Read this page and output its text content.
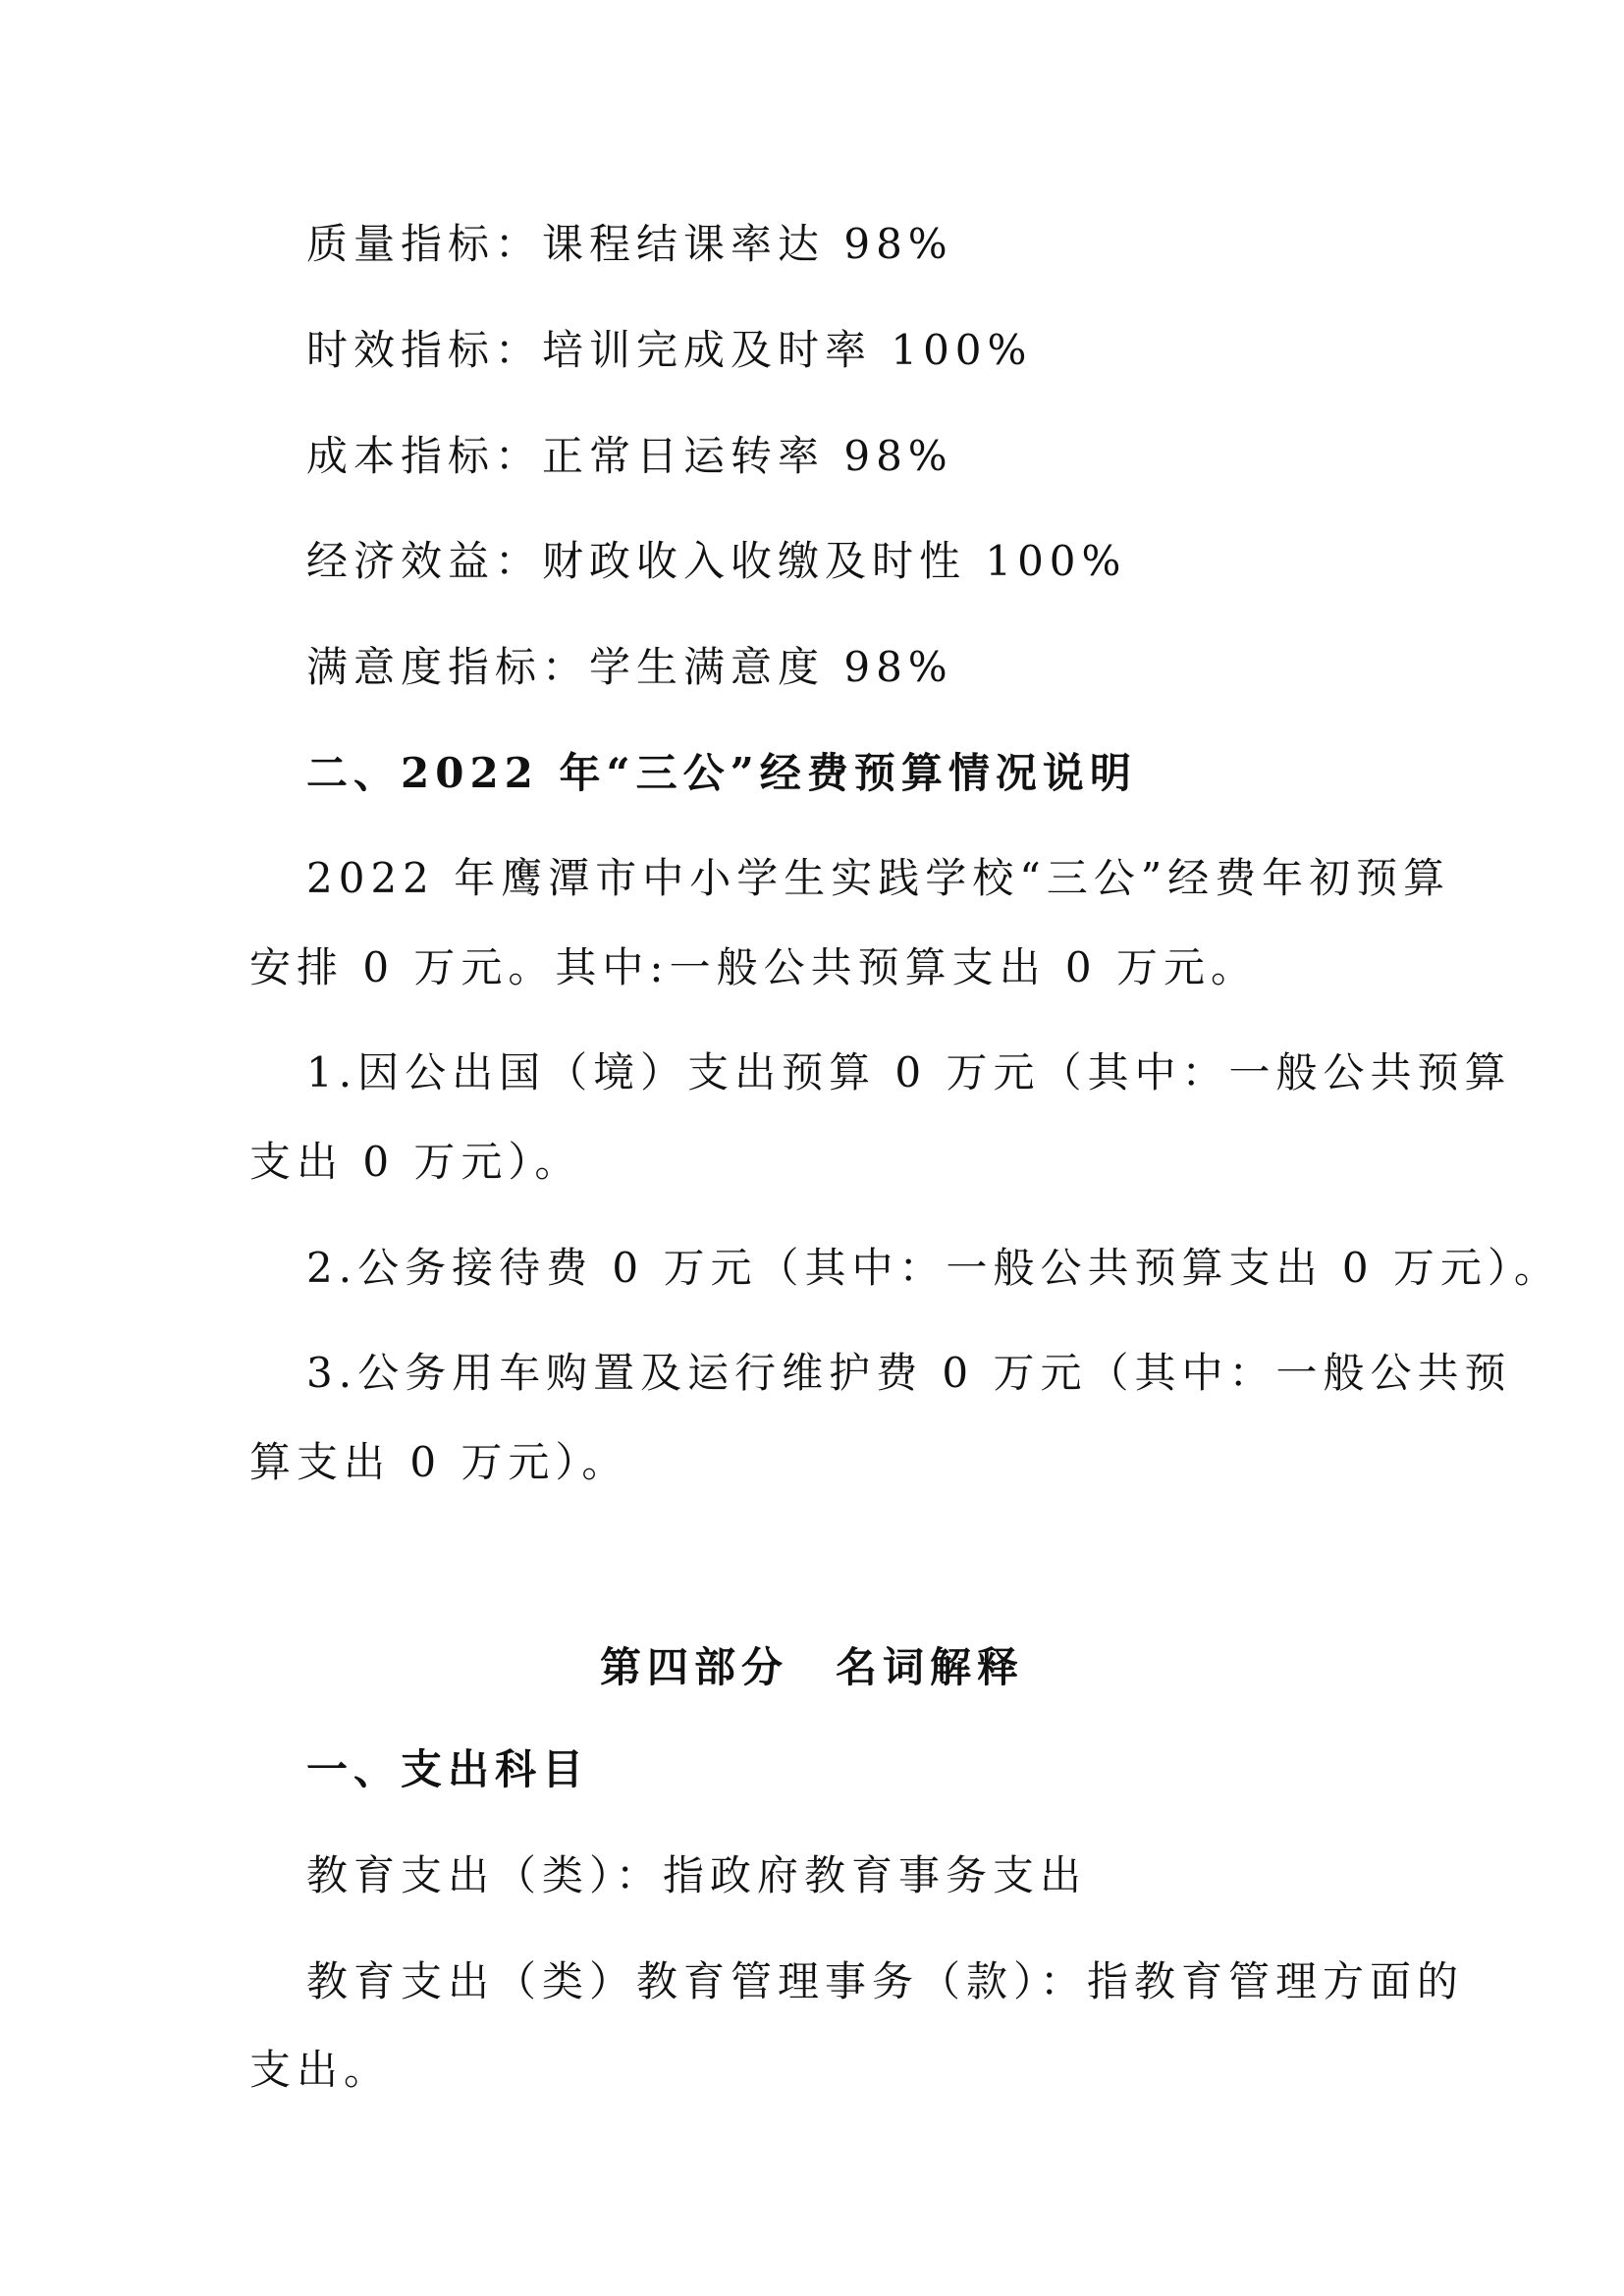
质量指标：课程结课率达 98%
时效指标：培训完成及时率 100%
成本指标：正常日运转率 98%
经济效益：财政收入收缴及时性 100%
满意度指标：学生满意度 98%
二、2022 年“三公”经费预算情况说明
2022 年鹰潭市中小学生实践学校“三公”经费年初预算
安排 0 万元。其中:一般公共预算支出 0 万元。
1.因公出国（境）支出预算 0 万元（其中：一般公共预算
支出 0 万元）。
2.公务接待费 0 万元（其中：一般公共预算支出 0 万元）。
3.公务用车购置及运行维护费 0 万元（其中：一般公共预
算支出 0 万元）。
第四部分　名词解释
一、支出科目
教育支出（类）：指政府教育事务支出
教育支出（类）教育管理事务（款）：指教育管理方面的
支出。
